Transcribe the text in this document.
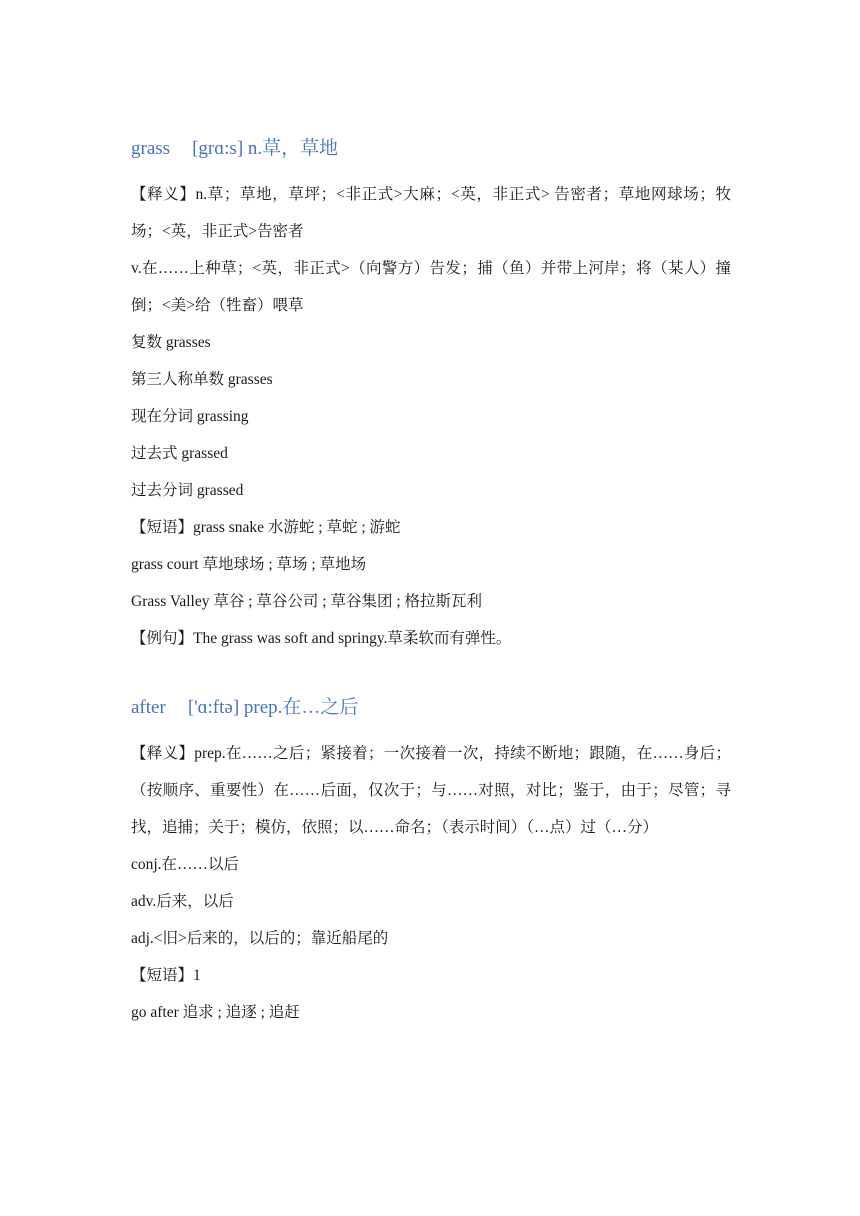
grass [grɑ:s] n.草，草地

【释义】n.草；草地，草坪；<非正式>大麻；<英，非正式> 告密者；草地网球场；牧场；<英，非正式>告密者

v.在……上种草；<英，非正式>（向警方）告发；捕（鱼）并带上河岸；将（某人）撞倒；<美>给（牲畜）喂草

复数 grasses

第三人称单数 grasses

现在分词 grassing

过去式 grassed

过去分词 grassed

【短语】grass snake 水游蛇 ; 草蛇 ; 游蛇

grass court 草地球场 ; 草场 ; 草地场

Grass Valley 草谷 ; 草谷公司 ; 草谷集团 ; 格拉斯瓦利

【例句】The grass was soft and springy.草柔软而有弹性。

after ['ɑ:ftə] prep.在…之后

【释义】prep.在……之后；紧接着；一次接着一次，持续不断地；跟随，在……身后；（按顺序、重要性）在……后面，仅次于；与……对照，对比；鉴于，由于；尽管；寻找，追捕；关于；模仿，依照；以……命名；（表示时间）（…点）过（…分）

conj.在……以后

adv.后来，以后

adj.<旧>后来的，以后的；靠近船尾的

【短语】1

go after 追求 ; 追逐 ; 追赶
